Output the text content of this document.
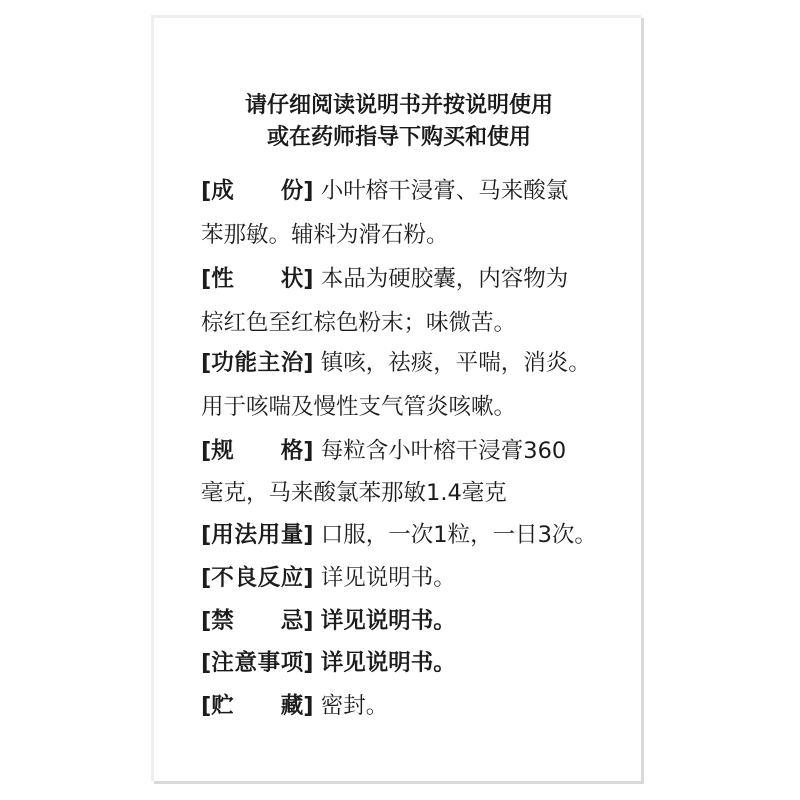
请仔细阅读说明书并按说明使用
或在药师指导下购买和使用
[成份] 小叶榕干浸膏、马来酸氯
苯那敏。辅料为滑石粉。
[性状] 本品为硬胶囊，内容物为
棕红色至红棕色粉末；味微苦。
[功能主治] 镇咳，祛痰，平喘，消炎。
用于咳喘及慢性支气管炎咳嗽。
[规格] 每粒含小叶榕干浸膏360
毫克，马来酸氯苯那敏1.4毫克
[用法用量] 口服，一次1粒，一日3次。
[不良反应] 详见说明书。
[禁忌] 详见说明书。
[注意事项] 详见说明书。
[贮藏] 密封。
